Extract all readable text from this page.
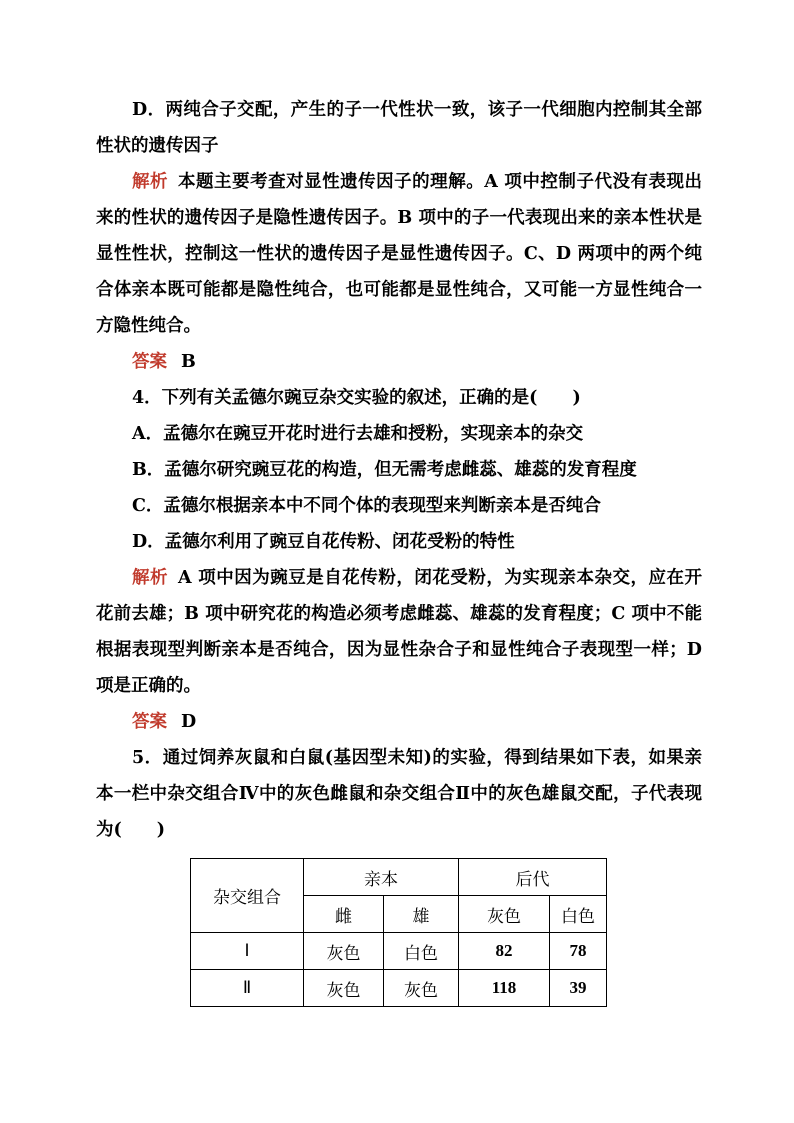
D．两纯合子交配，产生的子一代性状一致，该子一代细胞内控制其全部性状的遗传因子

解析 本题主要考查对显性遗传因子的理解。A 项中控制子代没有表现出来的性状的遗传因子是隐性遗传因子。B 项中的子一代表现出来的亲本性状是显性性状，控制这一性状的遗传因子是显性遗传因子。C、D 两项中的两个纯合体亲本既可能都是隐性纯合，也可能都是显性纯合，又可能一方显性纯合一方隐性纯合。

答案 B

4．下列有关孟德尔豌豆杂交实验的叙述，正确的是(　　)

A．孟德尔在豌豆开花时进行去雄和授粉，实现亲本的杂交

B．孟德尔研究豌豆花的构造，但无需考虑雌蕊、雄蕊的发育程度

C．孟德尔根据亲本中不同个体的表现型来判断亲本是否纯合

D．孟德尔利用了豌豆自花传粉、闭花受粉的特性

解析 A 项中因为豌豆是自花传粉，闭花受粉，为实现亲本杂交，应在开花前去雄；B 项中研究花的构造必须考虑雌蕊、雄蕊的发育程度；C 项中不能根据表现型判断亲本是否纯合，因为显性杂合子和显性纯合子表现型一样；D 项是正确的。

答案 D

5．通过饲养灰鼠和白鼠(基因型未知)的实验，得到结果如下表，如果亲本一栏中杂交组合Ⅳ中的灰色雌鼠和杂交组合Ⅱ中的灰色雄鼠交配，子代表现为(　　)

杂交组合	亲本		后代	
	雌	雄	灰色	白色
Ⅰ	灰色	白色	82	78
Ⅱ	灰色	灰色	118	39
